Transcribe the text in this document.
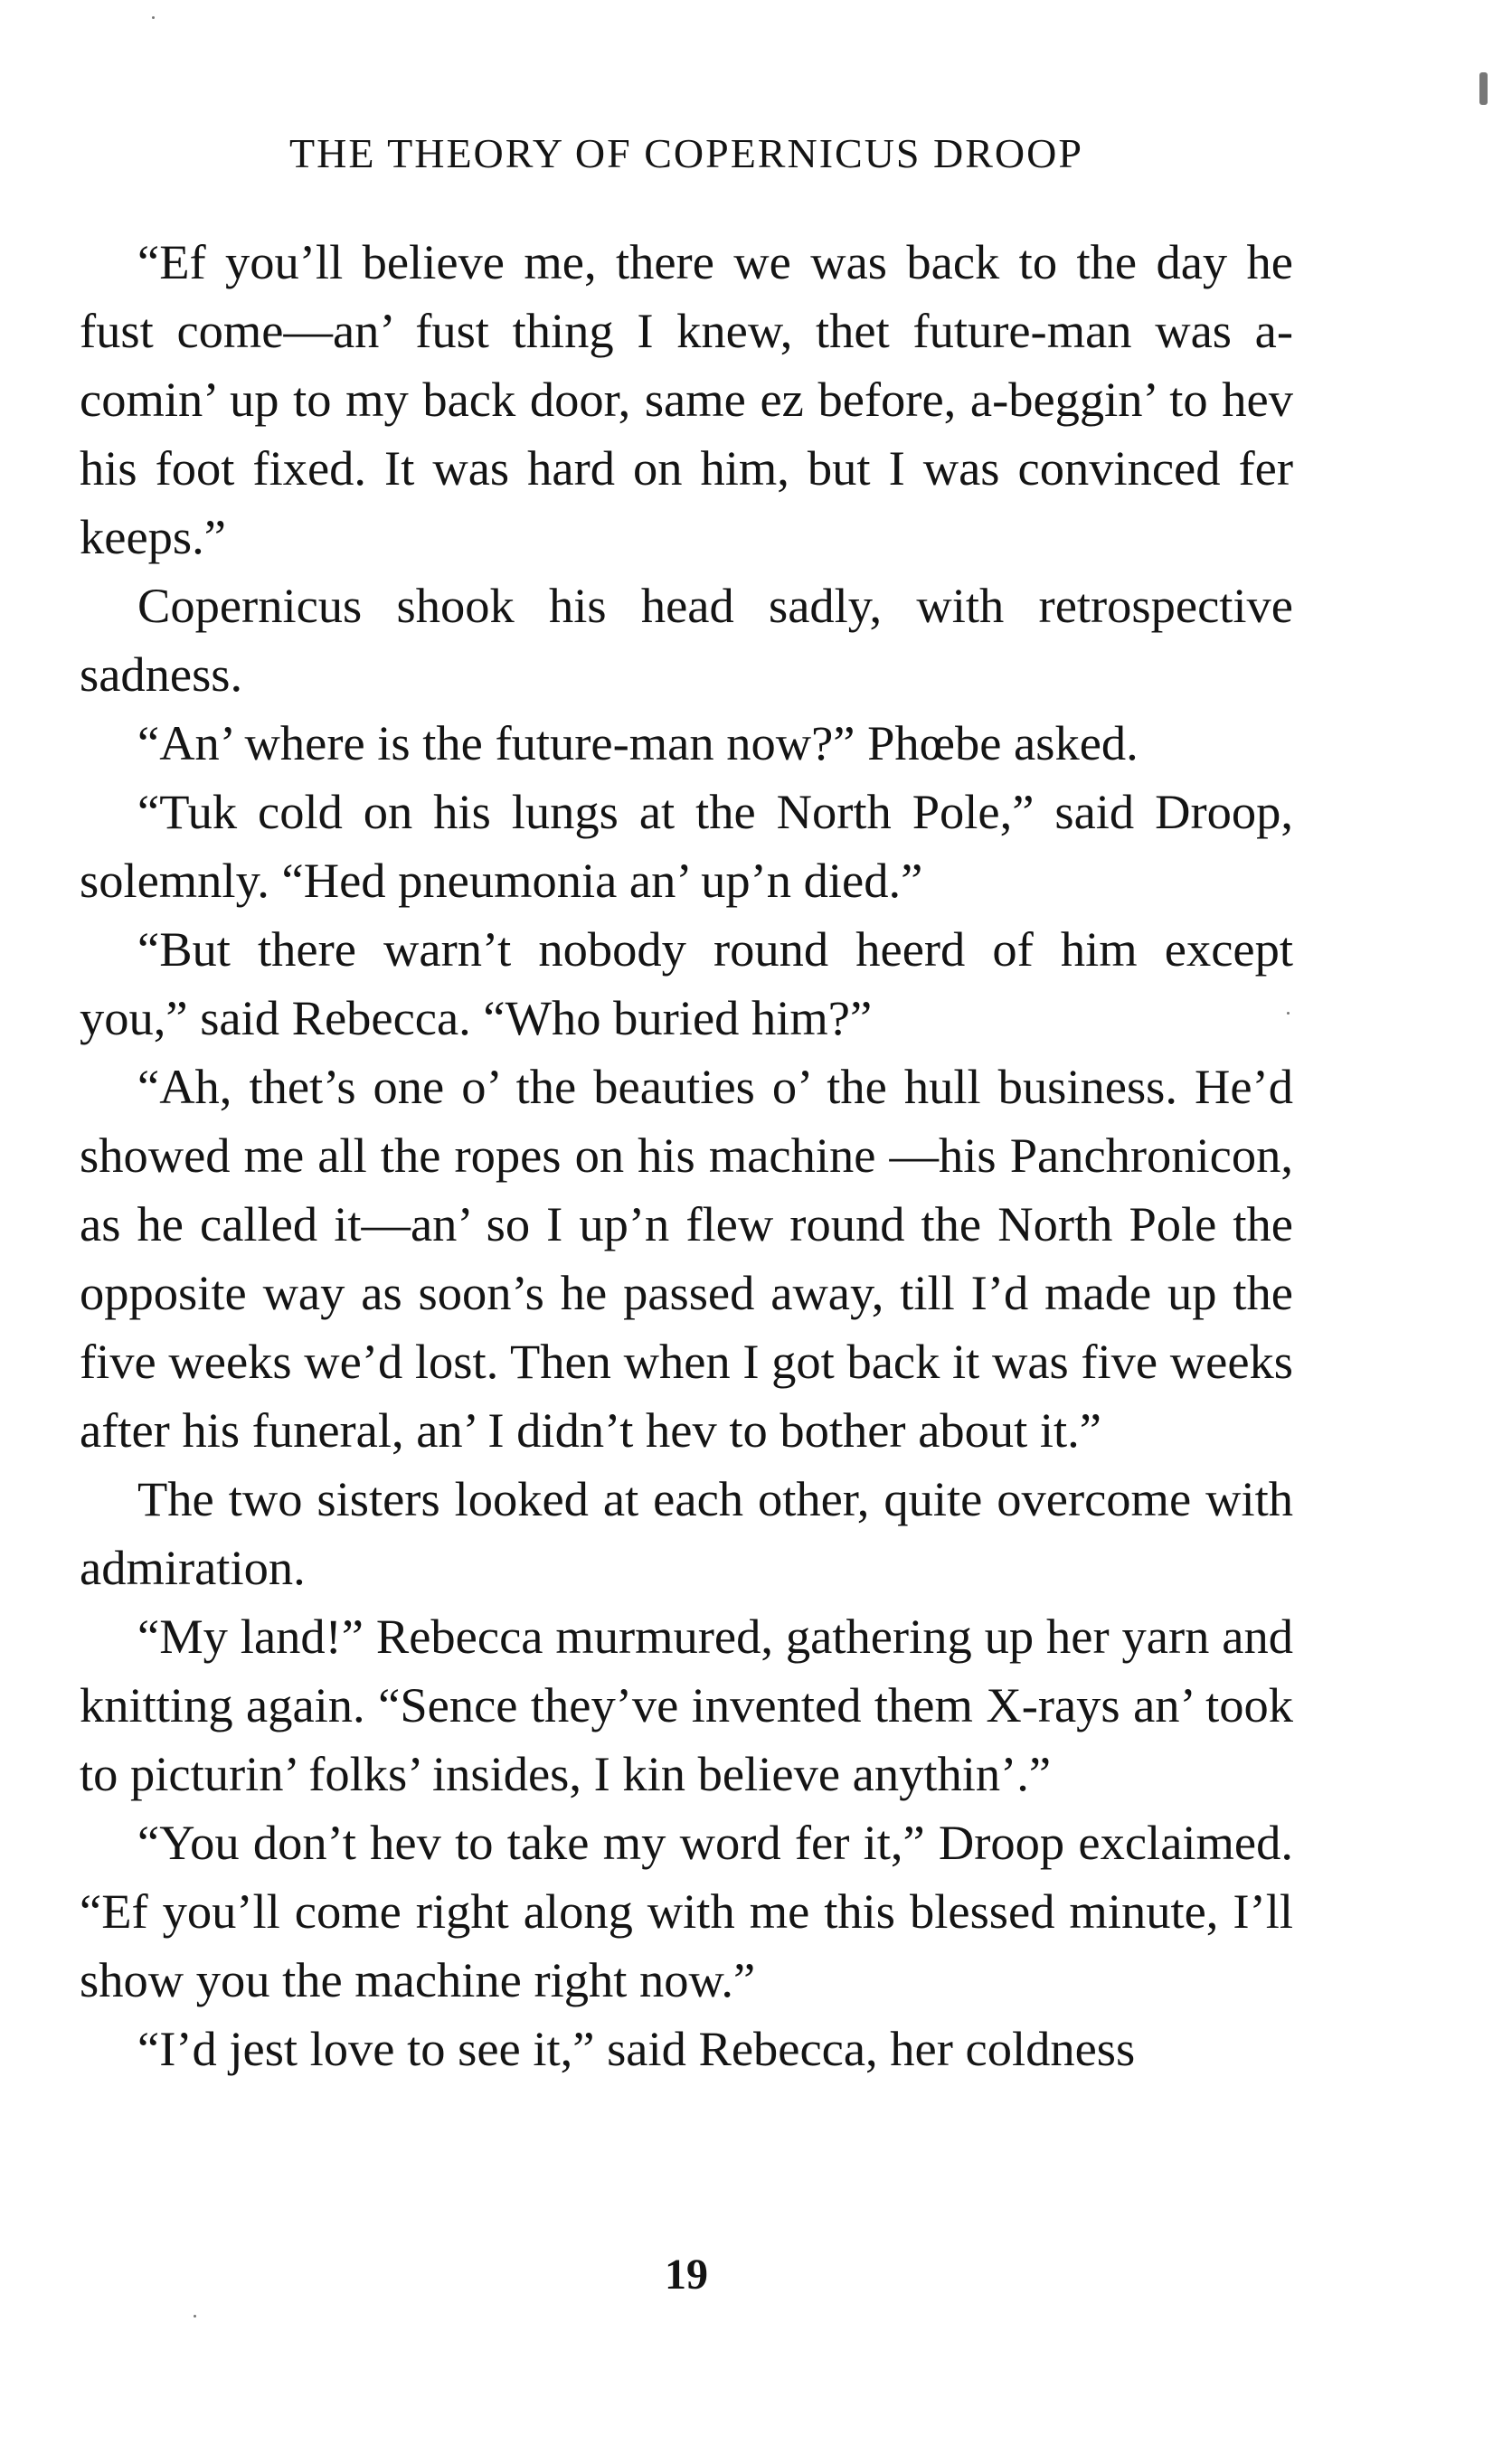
THE THEORY OF COPERNICUS DROOP

“Ef you’ll believe me, there we was back to the day he fust come—an’ fust thing I knew, thet future-man was a-comin’ up to my back door, same ez before, a-beggin’ to hev his foot fixed. It was hard on him, but I was convinced fer keeps.”

Copernicus shook his head sadly, with retrospective sadness.

“An’ where is the future-man now?” Phœbe asked.

“Tuk cold on his lungs at the North Pole,” said Droop, solemnly. “Hed pneumonia an’ up’n died.”

“But there warn’t nobody round heerd of him except you,” said Rebecca. “Who buried him?”

“Ah, thet’s one o’ the beauties o’ the hull business. He’d showed me all the ropes on his machine —his Panchronicon, as he called it—an’ so I up’n flew round the North Pole the opposite way as soon’s he passed away, till I’d made up the five weeks we’d lost. Then when I got back it was five weeks after his funeral, an’ I didn’t hev to bother about it.”

The two sisters looked at each other, quite overcome with admiration.

“My land!” Rebecca murmured, gathering up her yarn and knitting again. “Sence they’ve invented them X-rays an’ took to picturin’ folks’ insides, I kin believe anythin’.”

“You don’t hev to take my word fer it,” Droop exclaimed. “Ef you’ll come right along with me this blessed minute, I’ll show you the machine right now.”

“I’d jest love to see it,” said Rebecca, her coldness

19
